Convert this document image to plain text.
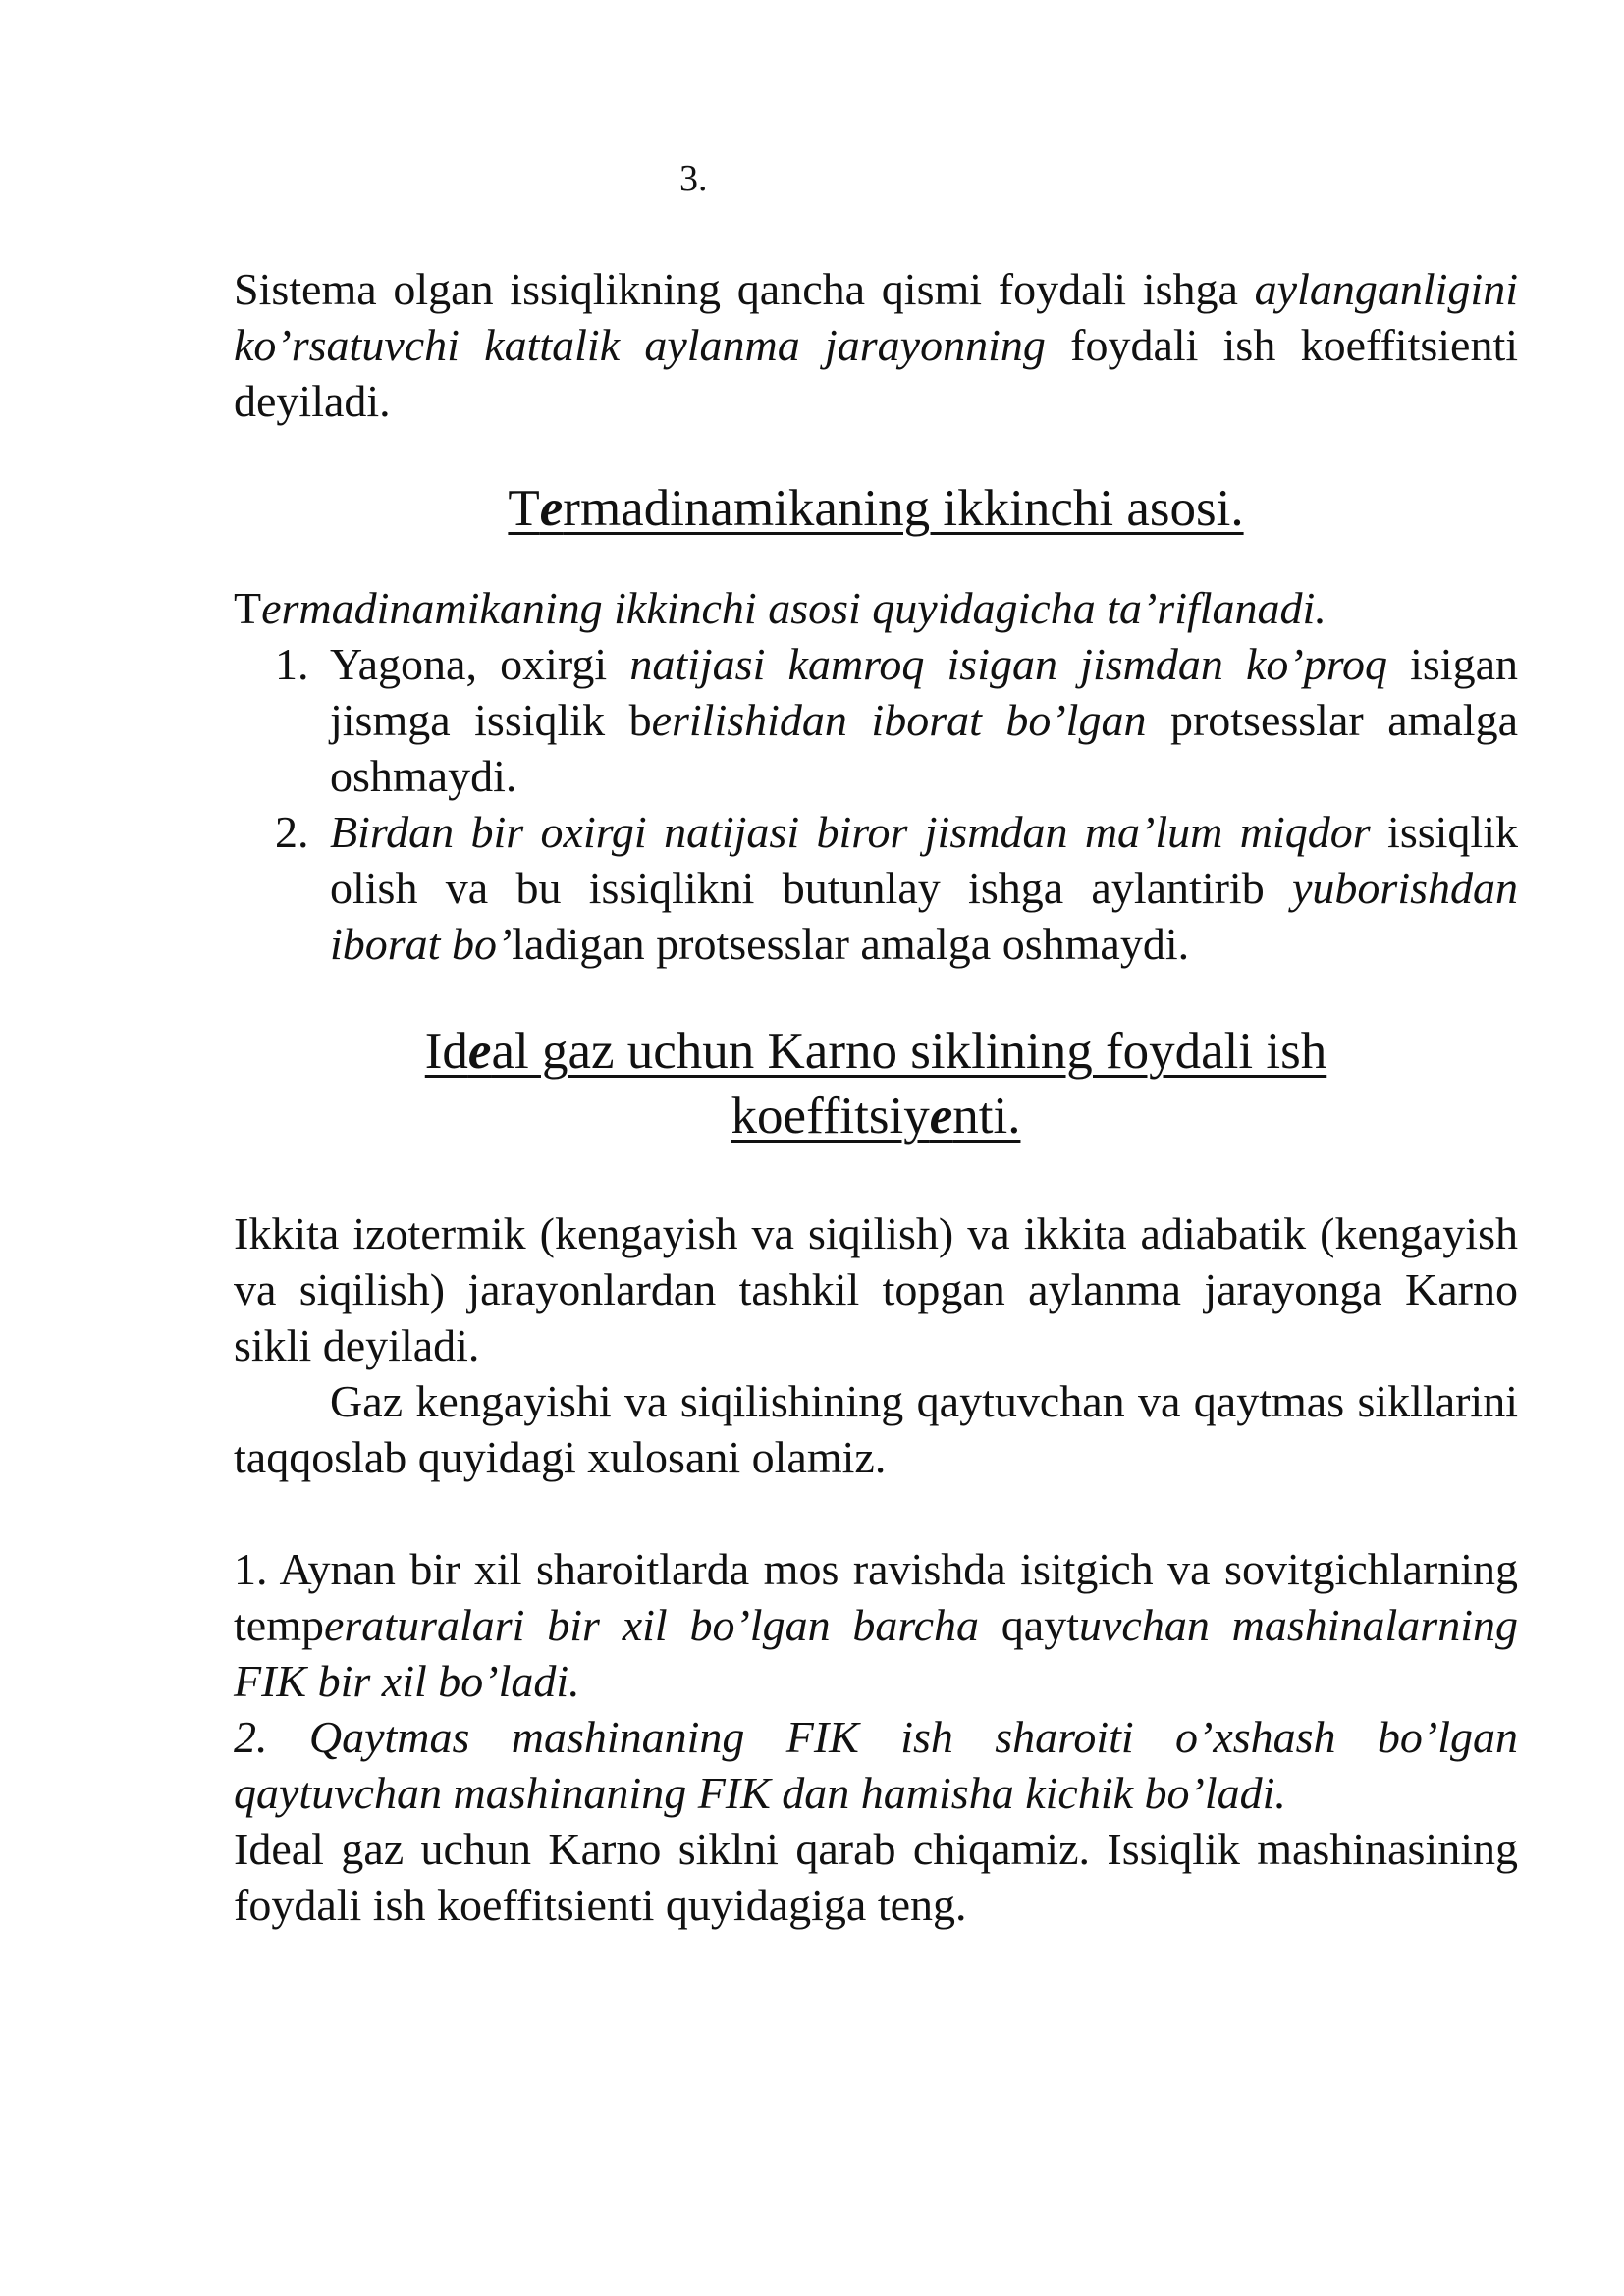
3.

Sistema olgan issiqlikning qancha qismi foydali ishga aylanganligini ko’rsatuvchi kattalik aylanma jarayonning foydali ish koeffitsienti deyiladi.

Termadinamikaning ikkinchi asosi.

Termadinamikaning ikkinchi asosi quyidagicha ta’riflanadi.

1. Yagona, oxirgi natijasi kamroq isigan jismdan ko’proq isigan jismga issiqlik berilishidan iborat bo’lgan protsesslar amalga oshmaydi.
2. Birdan bir oxirgi natijasi biror jismdan ma’lum miqdor issiqlik olish va bu issiqlikni butunlay ishga aylantirib yuborishdan iborat bo’ladigan protsesslar amalga oshmaydi.

Ideal gaz uchun Karno siklining foydali ish
koeffitsiyenti.

Ikkita izotermik (kengayish va siqilish) va ikkita adiabatik (kengayish va siqilish) jarayonlardan tashkil topgan aylanma jarayonga Karno sikli deyiladi.

Gaz kengayishi va siqilishining qaytuvchan va qaytmas sikllarini taqqoslab quyidagi xulosani olamiz.

1. Aynan bir xil sharoitlarda mos ravishda isitgich va sovitgichlarning temperaturalari bir xil bo’lgan barcha qaytuvchan mashinalarning FIK bir xil bo’ladi.

2. Qaytmas mashinaning FIK ish sharoiti o’xshash bo’lgan qaytuvchan mashinaning FIK dan hamisha kichik bo’ladi.

Ideal gaz uchun Karno siklni qarab chiqamiz. Issiqlik mashinasining foydali ish koeffitsienti quyidagiga teng.
